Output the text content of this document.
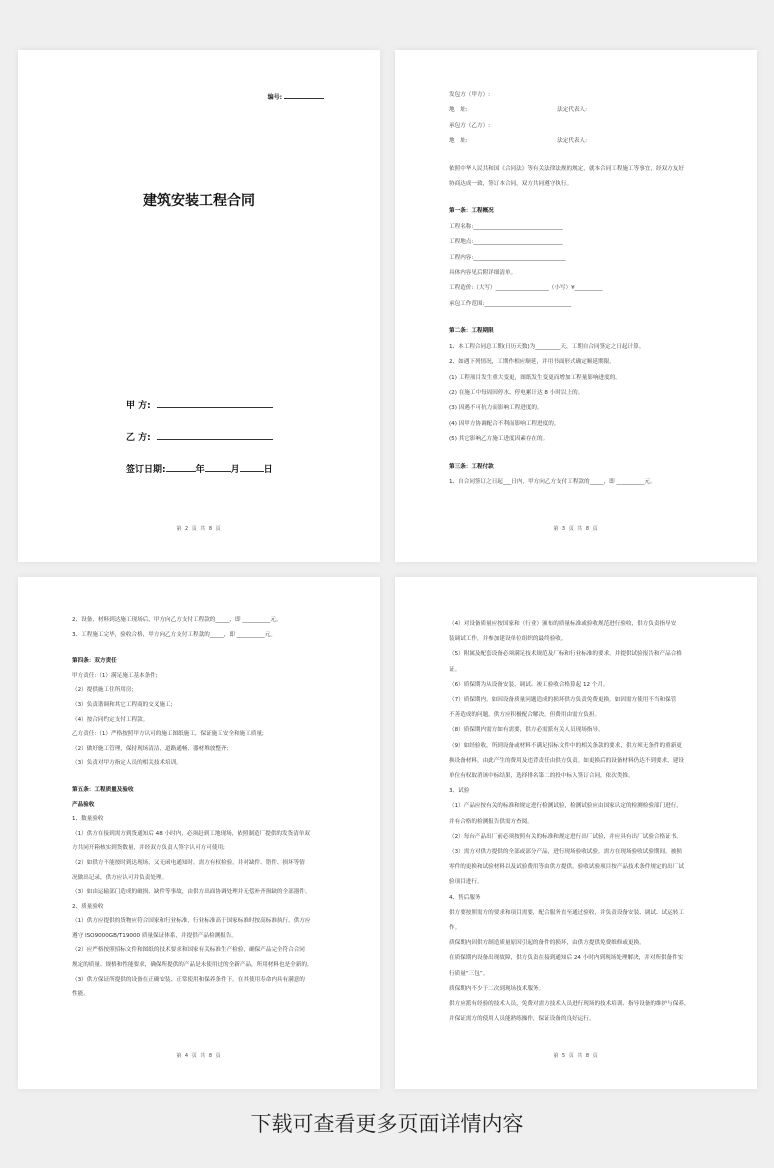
编号:
建筑安装工程合同
甲 方:
乙 方:
签订日期:	年	月	日
第 2 页 共 8 页

发包方（甲方）:

地　址:　　　　　　　　　　　　　　　　法定代表人:

承包方（乙方）:

地　址:　　　　　　　　　　　　　　　　法定代表人:

依照中华人民共和国《合同法》等有关法律法规的规定，就本合同工程施工等事宜，经双方友好

协商达成一致，签订本合同，双方共同遵守执行。

第一条：工程概况

工程名称:________________________________

工程地点:________________________________

工程内容:_________________________________

具体内容见后附详细清单。

工程造价:（大写）___________________（小写）¥__________

承包工作范围:_______________________________

第二条：工程期限

1、本工程合同总工期(日历天数)为_________天，工期自合同签定之日起计算。

2、如遇下列情况，工期作相应顺延，并用书面形式确定顺延期限。

(1) 工程项目发生重大变更，图纸发生变更而增加工程量影响进度的。

(2) 在施工中每周因停水、停电累计达 8 小时以上的。

(3) 因遇不可抗力而影响工程进度的。

(4) 因甲方协调配合不利而影响工程进度的。

(5) 其它影响乙方施工进度因素存在的。

第三条：工程付款

1、自合同签订之日起___日内，甲方向乙方支付工程款的_____，即 __________元。

第 3 页 共 8 页

2、设备、材料到达施工现场后，甲方向乙方支付工程款的_____，即 __________元。

3、工程施工完毕，验收合格，甲方向乙方支付工程款的_____，即 __________元。

第四条：双方责任

甲方责任:（1）满足施工基本条件;

（2）提供施工住所用房;

（3）负责谐调和其它工程商的交叉施工;

（4）按合同约定支付工程款。

乙方责任:（1）严格按照甲方认可的施工图纸施工，保证施工安全和施工质量;

（2）做好施工管理，保持现场清洁，道路通畅，器材堆放整齐;

（3）负责对甲方指定人员的相关技术培训。

第五条：工程质量及验收

产品验收

1、数量验收

（1）供方在接到需方到货通知后 48 小时内，必须赶到工地现场，依照制造厂提供的发货清单双

方共同开箱核实到货数量，并经双方负责人签字认可方可使用;

（2）如供方不能按时到达现场，又无函电通知时，需方有权检验，并对缺件、错件、损坏等情

况做出记录，供方应认可并负责处理。

（3）如由运输部门造成的破损、缺件等事故，由供方出面协调处理并无偿补齐损缺的全部器件。

2、质量验收

（1）供方应提供的货物应符合国家和行业标准，行业标准高于国家标准时按高标准执行。供方应

遵守 ISO9000GB/T19000 质量保证体系，并提供产品检测报告。

（2）应严格按照招标文件和图纸的技术要求和国家有关标准生产检验，确保产品完全符合合同

规定的质量、规格和性能要求，确保所提供的产品是未使用过的全新产品，所用材料也是全新的。

（3）供方保证所提供的设备在正确安装、正常使用和保养条件下，在其使用寿命内具有满意的

性能。

第 4 页 共 8 页

（4）对设备质量应按国家和（行业）颁布的质量标准或验收规范进行验收，供方负责指导安

装调试工作，并参加建设单位组织的最终验收。

（5）附属及配套设备必须满足技术规范及厂标和行业标准的要求，并提供试验报告和产品合格

证。

（6）质保期为从设备安装、调试、竣工验收合格算起 12 个月。

（7）质保期内，如因设备质量问题造成的损坏供方负责免费更换，如因需方使用不当和保管

不善造成的问题，供方应积极配合解决，但费用由需方负担。

（8）质保期内需方如有需要，供方必需派有关人员现场指导。

（9）如经验收，所到设备或材料不满足招标文件中的相关条款的要求，供方须无条件的重新更

换设备材料，由此产生的费用及违背责任由供方负责。如更换后的设备材料仍达不到要求，建设

单位有权取消该中标结果，选择排名第二的投中标人签订合同，依次类推。

3、试验

（1）产品应按有关的标准和规定进行检测试验，检测试验应由国家认定的检测检验部门进行，

并有合格的检测报告供需方查阅。

（2）每台产品出厂前必须按照有关的标准和规定进行出厂试验，并应具有出厂试验合格证书。

（3）需方对供方提供的全部或部分产品，进行现场验收试验。需方在现场验收试验期间，被损

零件的更换和试验材料以及试验费用等由供方提供，验收试验项目按产品技术条件规定的出厂试

验项目进行。

4、售后服务

供方要按照需方的要求和项目需要，配合服务直至通过验收，并负责设备安装、调试、试运转工

作。

质保期内因供方制造质量原因引起的备件的损坏，由供方提供免费维修或更换。

在质保期内设备出现故障，供方负责在接到通知后 24 小时内到现场处理解决，并对所供备件实

行质量“三包”。

质保期内不少于二次到现场技术服务。

供方应派有经验的技术人员，免费对需方技术人员进行现场的技术培训、指导设备的维护与保养，

并保证需方的使用人员能熟练操作，保证设备的良好运行。

第 5 页 共 8 页
下载可查看更多页面详情内容
